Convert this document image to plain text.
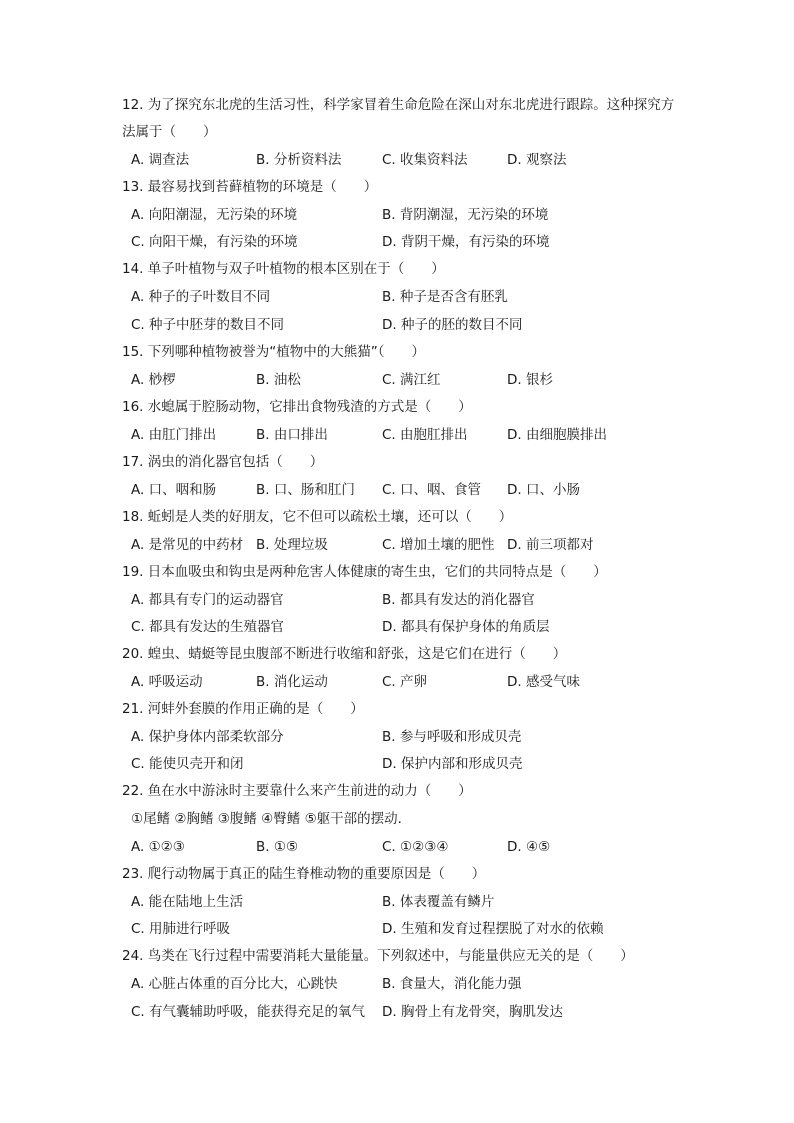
12. 为了探究东北虎的生活习性，科学家冒着生命危险在深山对东北虎进行跟踪。这种探究方法属于（　　）
A. 调查法	B. 分析资料法	C. 收集资料法	D. 观察法
13. 最容易找到苔藓植物的环境是（　　）
A. 向阳潮湿，无污染的环境	B. 背阴潮湿，无污染的环境
C. 向阳干燥，有污染的环境	D. 背阴干燥，有污染的环境
14. 单子叶植物与双子叶植物的根本区别在于（　　）
A. 种子的子叶数目不同	B. 种子是否含有胚乳
C. 种子中胚芽的数目不同	D. 种子的胚的数目不同
15. 下列哪种植物被誉为“植物中的大熊猫”（　　）
A. 桫椤	B. 油松	C. 满江红	D. 银杉
16. 水螅属于腔肠动物，它排出食物残渣的方式是（　　）
A. 由肛门排出	B. 由口排出	C. 由胞肛排出	D. 由细胞膜排出
17. 涡虫的消化器官包括（　　）
A. 口、咽和肠	B. 口、肠和肛门 C. 口、咽、食管 D. 口、小肠
18. 蚯蚓是人类的好朋友，它不但可以疏松土壤，还可以（　　）
A. 是常见的中药材 B. 处理垃圾	C. 增加土壤的肥性 D. 前三项都对
19. 日本血吸虫和钩虫是两种危害人体健康的寄生虫，它们的共同特点是（　　）
A. 都具有专门的运动器官	B. 都具有发达的消化器官
C. 都具有发达的生殖器官	D. 都具有保护身体的角质层
20. 蝗虫、蜻蜓等昆虫腹部不断进行收缩和舒张，这是它们在进行（　　）
A. 呼吸运动	B. 消化运动	C. 产卵	D. 感受气味
21. 河蚌外套膜的作用正确的是（　　）
A. 保护身体内部柔软部分	B. 参与呼吸和形成贝壳
C. 能使贝壳开和闭	D. 保护内部和形成贝壳
22. 鱼在水中游泳时主要靠什么来产生前进的动力（　　）
①尾鳍 ②胸鳍 ③腹鳍 ④臀鳍 ⑤躯干部的摆动．
A. ①②③	B. ①⑤	C. ①②③④	D. ④⑤
23. 爬行动物属于真正的陆生脊椎动物的重要原因是（　　）
A. 能在陆地上生活	B. 体表覆盖有鳞片
C. 用肺进行呼吸	D. 生殖和发育过程摆脱了对水的依赖
24. 鸟类在飞行过程中需要消耗大量能量。下列叙述中，与能量供应无关的是（　　）
A. 心脏占体重的百分比大，心跳快	B. 食量大，消化能力强
C. 有气囊辅助呼吸，能获得充足的氧气 D. 胸骨上有龙骨突，胸肌发达
